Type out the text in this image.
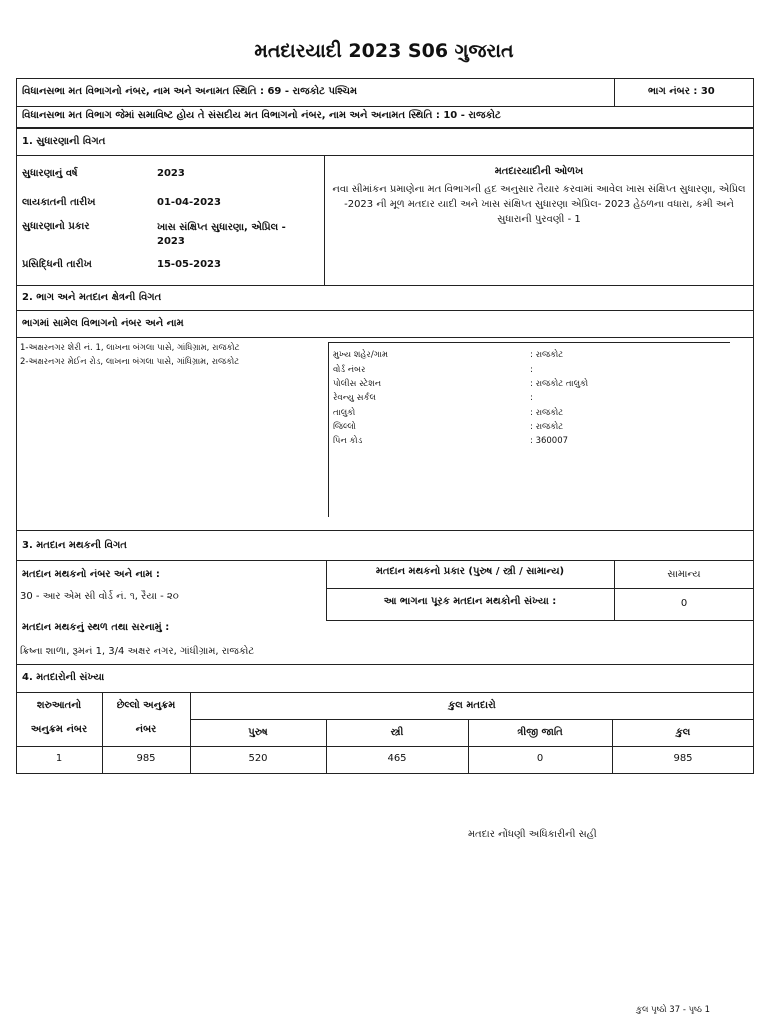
મતદારયાદી 2023 S06 ગુજરાત
વિધાનસભા મત વિભાગનો નંબર, નામ અને અનામત સ્થિતિ : 69 - રાજકોટ પશ્ચિમ	ભાગ નંબર : 30
વિધાનસભા મત વિભાગ જેમાં સમાવિષ્ટ હોય તે સંસદીય મત વિભાગનો નંબર, નામ અને અનામત સ્થિતિ : 10 - રાજકોટ
1. સુધારણાની વિગત
સુધારણાનું વર્ષ	2023
લાયકાતની તારીખ	01-04-2023
સુધારણાનો પ્રકાર	ખાસ સંક્ષિપ્ત સુધારણા, એપ્રિલ - 2023
પ્રસિદ્ધિની તારીખ	15-05-2023
મતદારયાદીની ઓળખ
નવા સીમાંકન પ્રમાણેના મત વિભાગની હદ અનુસાર તૈયાર કરવામાં આવેલ ખાસ સંક્ષિપ્ત સુધારણા, એપ્રિલ -2023 ની મૂળ મતદાર યાદી અને ખાસ સંક્ષિપ્ત સુધારણા એપ્રિલ- 2023 હેઠળના વધારા, કમી અને સુધારાની પુરવણી - 1
2. ભાગ અને મતદાન ક્ષેત્રની વિગત
ભાગમાં સામેલ વિભાગનો નંબર અને નામ
1-અક્ષરનગર શેરી નં. 1, લાખના બંગલા પાસે, ગાંધિગ્રામ, રાજકોટ
2-અક્ષરનગર મેઈન રોડ, લાખના બંગલા પાસે, ગાંધિગ્રામ, રાજકોટ
મુખ્ય શહેર/ગામ	: રાજકોટ
વોર્ડ નંબર	:
પોલીસ સ્ટેશન	: રાજકોટ તાલુકો
રેવન્યુ સર્કલ	:
તાલુકો	: રાજકોટ
જિલ્લો	: રાજકોટ
પિન કોડ	: 360007
3. મતદાન મથકની વિગત
મતદાન મથકનો નંબર અને નામ :
30 - આર એમ સી વોર્ડ નં. ૧, રૈયા - ૨૦
મતદાન મથકનું સ્થળ તથા સરનામું :
ક્રિષ્ના શાળા, રૂમનં 1, 3/4 અક્ષર નગર, ગાંધીગ્રામ, રાજકોટ
મતદાન મથકનો પ્રકાર (પુરુષ / સ્ત્રી / સામાન્ય)	સામાન્ય
આ ભાગના પૂરક મતદાન મથકોની સંખ્યા :	0
4. મતદારોની સંખ્યા
શરુઆતનો
અનુક્રમ નંબર
છેલ્લો અનુક્રમ
નંબર
કુલ મતદારો
પુરુષ	સ્ત્રી	ત્રીજી જાતિ	કુલ
1	985	520	465	0	985
મતદાર નોંધણી અધિકારીની સહી
કુલ પૃષ્ઠો 37 - પૃષ્ઠ 1
